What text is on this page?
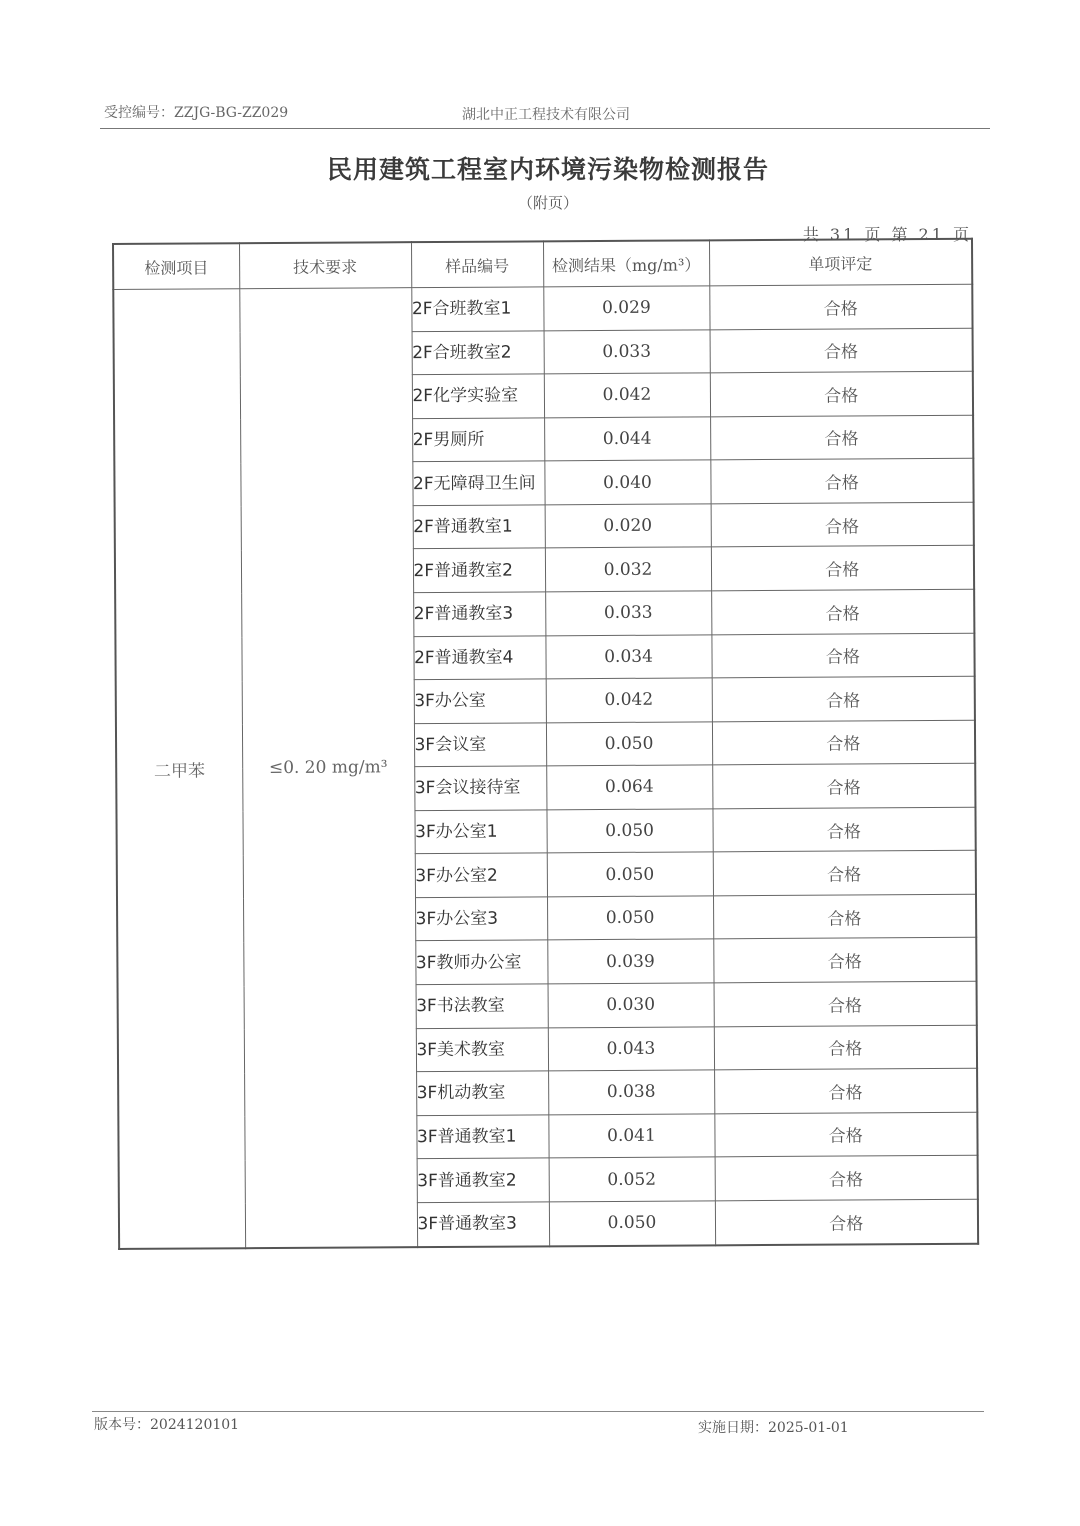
受控编号：ZZJG-BG-ZZ029	湖北中正工程技术有限公司
民用建筑工程室内环境污染物检测报告
（附页）
共 31 页 第 21 页
检测项目	技术要求	样品编号	检测结果（mg/m³）	单项评定
二甲苯	≤0. 20 mg/m³	2F合班教室1	0.029	合格
		2F合班教室2	0.033	合格
		2F化学实验室	0.042	合格
		2F男厕所	0.044	合格
		2F无障碍卫生间	0.040	合格
		2F普通教室1	0.020	合格
		2F普通教室2	0.032	合格
		2F普通教室3	0.033	合格
		2F普通教室4	0.034	合格
		3F办公室	0.042	合格
		3F会议室	0.050	合格
		3F会议接待室	0.064	合格
		3F办公室1	0.050	合格
		3F办公室2	0.050	合格
		3F办公室3	0.050	合格
		3F教师办公室	0.039	合格
		3F书法教室	0.030	合格
		3F美术教室	0.043	合格
		3F机动教室	0.038	合格
		3F普通教室1	0.041	合格
		3F普通教室2	0.052	合格
		3F普通教室3	0.050	合格
版本号：2024120101	实施日期：2025-01-01
